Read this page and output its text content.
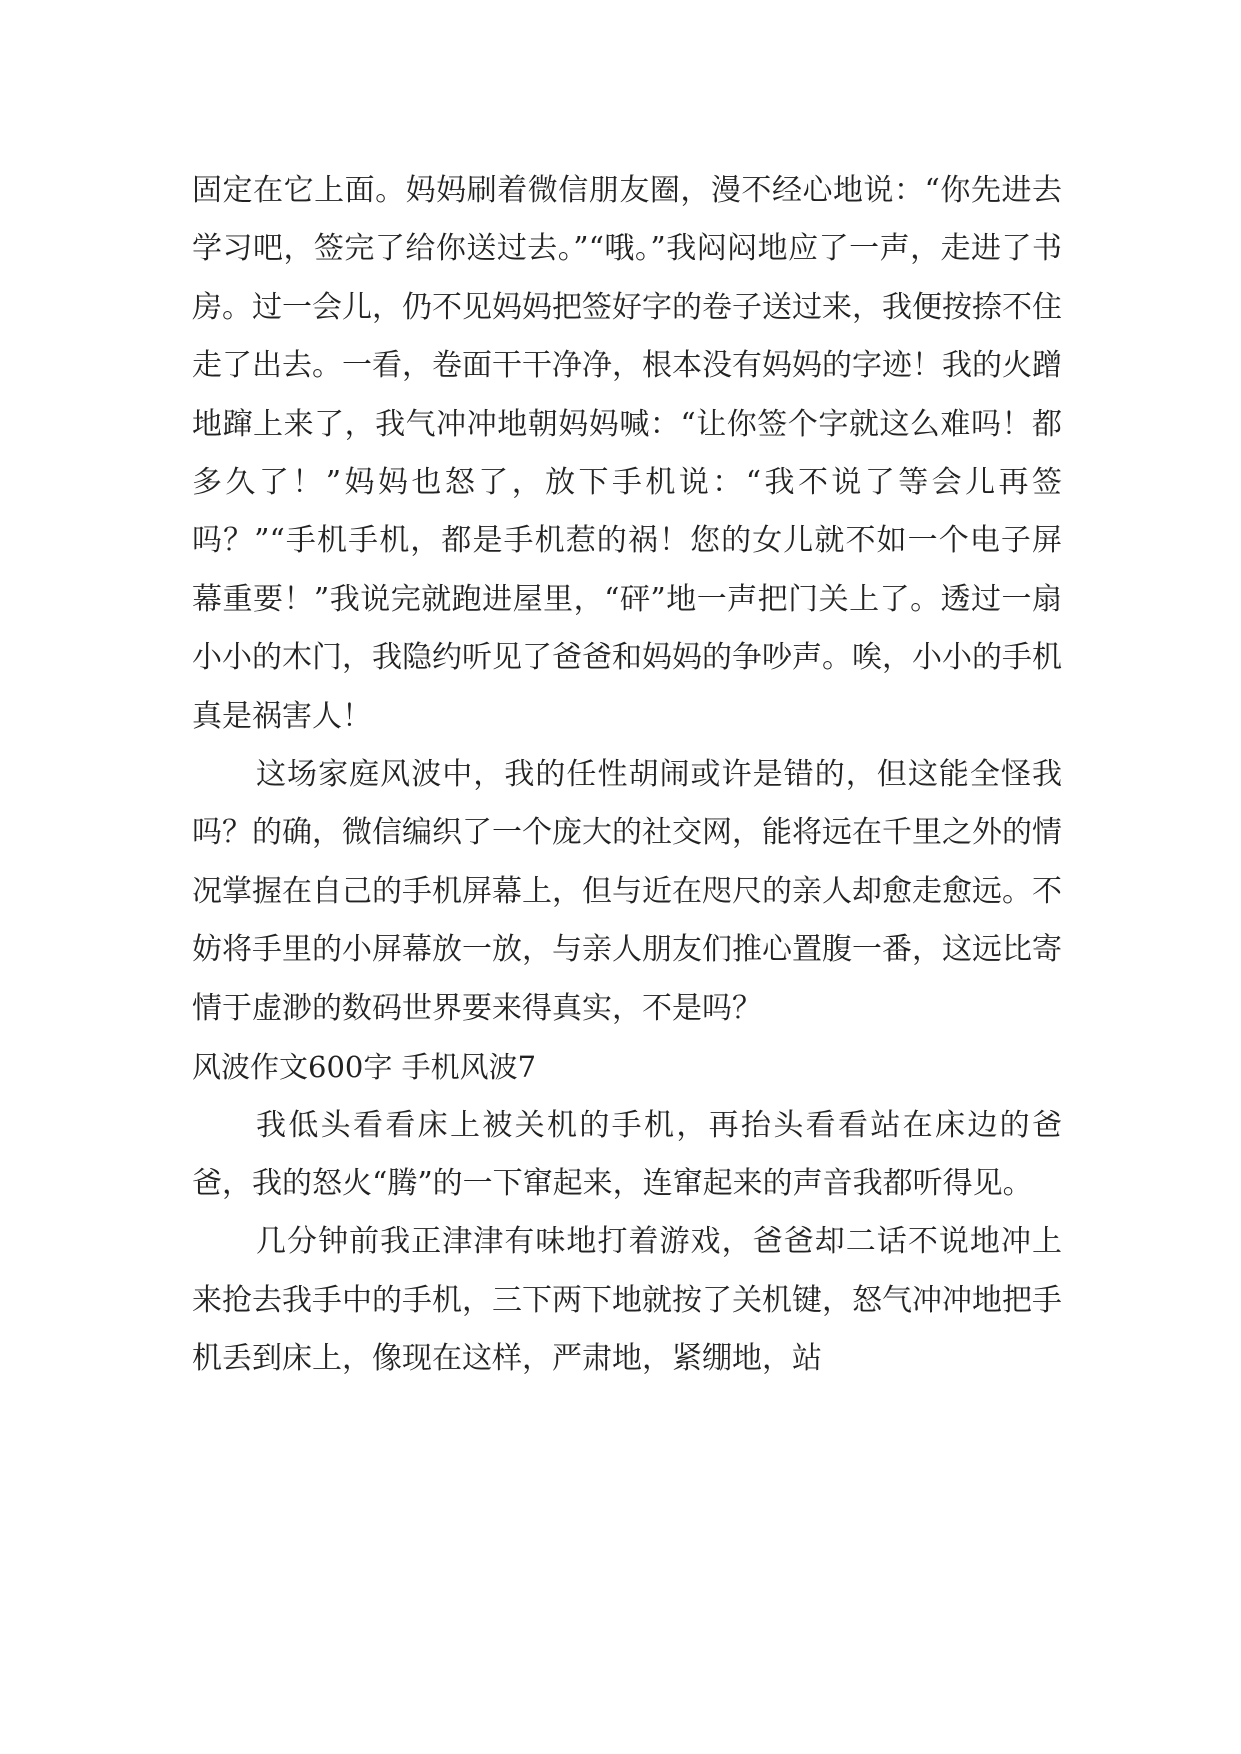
固定在它上面。妈妈刷着微信朋友圈，漫不经心地说：“你先进去学习吧，签完了给你送过去。”“哦。”我闷闷地应了一声，走进了书房。过一会儿，仍不见妈妈把签好字的卷子送过来，我便按捺不住走了出去。一看，卷面干干净净，根本没有妈妈的字迹！我的火蹭地蹿上来了，我气冲冲地朝妈妈喊：“让你签个字就这么难吗！都多久了！”妈妈也怒了，放下手机说：“我不说了等会儿再签吗？”“手机手机，都是手机惹的祸！您的女儿就不如一个电子屏幕重要！”我说完就跑进屋里，“砰”地一声把门关上了。透过一扇小小的木门，我隐约听见了爸爸和妈妈的争吵声。唉，小小的手机真是祸害人！

这场家庭风波中，我的任性胡闹或许是错的，但这能全怪我吗？的确，微信编织了一个庞大的社交网，能将远在千里之外的情况掌握在自己的手机屏幕上，但与近在咫尺的亲人却愈走愈远。不妨将手里的小屏幕放一放，与亲人朋友们推心置腹一番，这远比寄情于虚渺的数码世界要来得真实，不是吗？

风波作文600字 手机风波7

我低头看看床上被关机的手机，再抬头看看站在床边的爸爸，我的怒火“腾”的一下窜起来，连窜起来的声音我都听得见。

几分钟前我正津津有味地打着游戏，爸爸却二话不说地冲上来抢去我手中的手机，三下两下地就按了关机键，怒气冲冲地把手机丢到床上，像现在这样，严肃地，紧绷地，站
